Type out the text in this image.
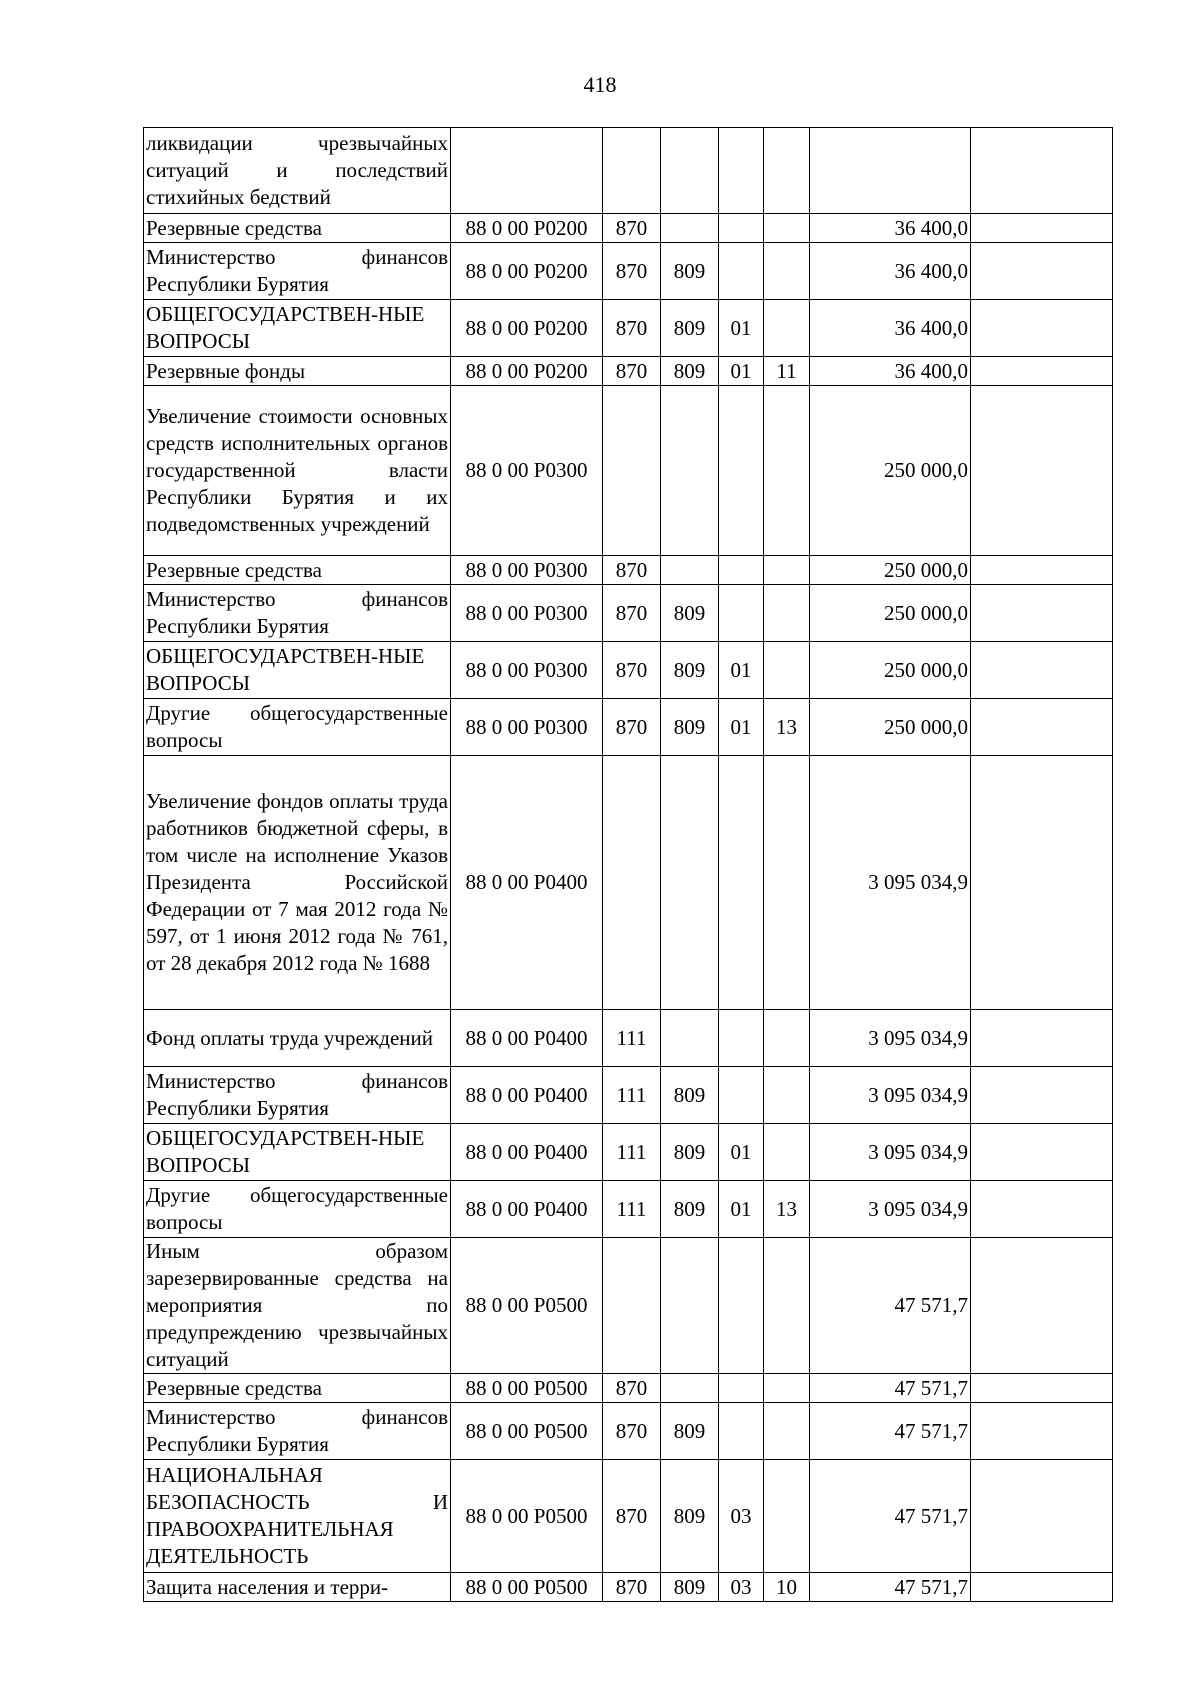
418
ликвидации чрезвычайных ситуаций и последствий стихийных бедствий							
Резервные средства	88 0 00 Р0200	870				36 400,0	
Министерство финансов Республики Бурятия	88 0 00 Р0200	870	809			36 400,0	
ОБЩЕГОСУДАРСТВЕН-НЫЕ ВОПРОСЫ	88 0 00 Р0200	870	809	01		36 400,0	
Резервные фонды	88 0 00 Р0200	870	809	01	11	36 400,0	
Увеличение стоимости основных средств исполнительных органов государственной власти Республики Бурятия и их подведомственных учреждений	88 0 00 Р0300					250 000,0	
Резервные средства	88 0 00 Р0300	870				250 000,0	
Министерство финансов Республики Бурятия	88 0 00 Р0300	870	809			250 000,0	
ОБЩЕГОСУДАРСТВЕН-НЫЕ ВОПРОСЫ	88 0 00 Р0300	870	809	01		250 000,0	
Другие общегосударственные вопросы	88 0 00 Р0300	870	809	01	13	250 000,0	
Увеличение фондов оплаты труда работников бюджетной сферы, в том числе на исполнение Указов Президента Российской Федерации от 7 мая 2012 года № 597, от 1 июня 2012 года № 761, от 28 декабря 2012 года № 1688	88 0 00 Р0400					3 095 034,9	
Фонд оплаты труда учреждений	88 0 00 Р0400	111				3 095 034,9	
Министерство финансов Республики Бурятия	88 0 00 Р0400	111	809			3 095 034,9	
ОБЩЕГОСУДАРСТВЕН-НЫЕ ВОПРОСЫ	88 0 00 Р0400	111	809	01		3 095 034,9	
Другие общегосударственные вопросы	88 0 00 Р0400	111	809	01	13	3 095 034,9	
Иным образом зарезервированные средства на мероприятия по предупреждению чрезвычайных ситуаций	88 0 00 Р0500					47 571,7	
Резервные средства	88 0 00 Р0500	870				47 571,7	
Министерство финансов Республики Бурятия	88 0 00 Р0500	870	809			47 571,7	
НАЦИОНАЛЬНАЯ БЕЗОПАСНОСТЬ И ПРАВООХРАНИТЕЛЬНАЯ ДЕЯТЕЛЬНОСТЬ	88 0 00 Р0500	870	809	03		47 571,7	
Защита населения и терри-	88 0 00 Р0500	870	809	03	10	47 571,7	
